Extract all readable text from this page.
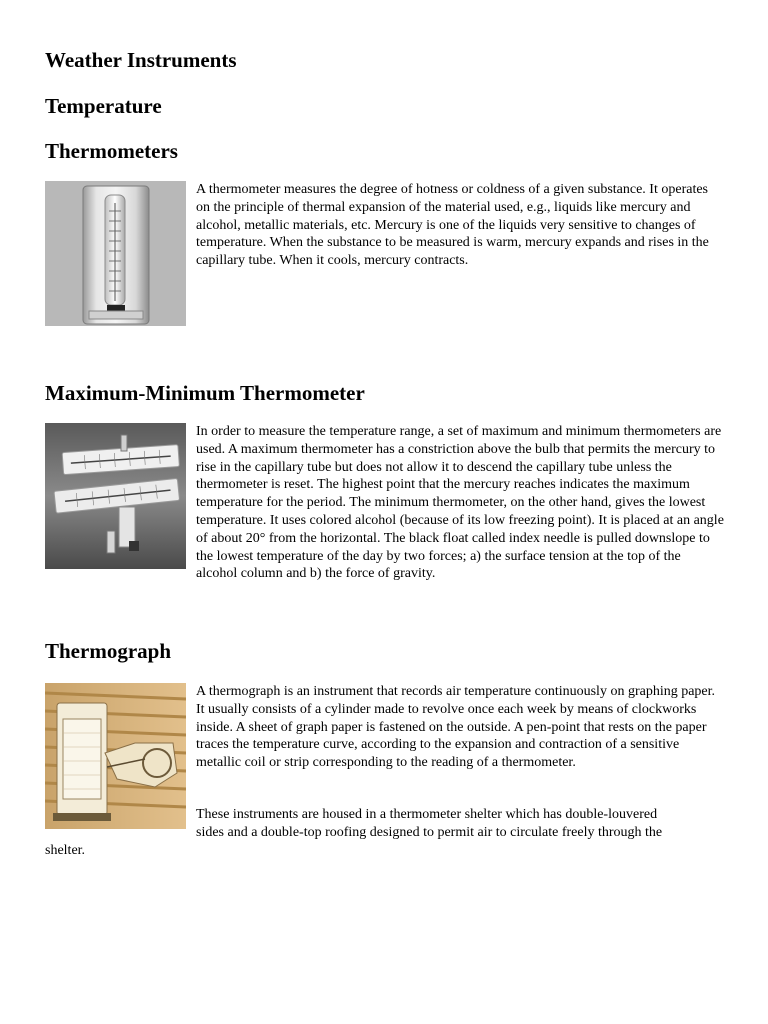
Weather Instruments
Temperature
Thermometers
A thermometer measures the degree of hotness or coldness of a given substance. It operates on the principle of thermal expansion of the material used, e.g., liquids like mercury and alcohol, metallic materials, etc. Mercury is one of the liquids very sensitive to changes of temperature. When the substance to be measured is warm, mercury expands and rises in the capillary tube. When it cools, mercury contracts.
Maximum-Minimum Thermometer
In order to measure the temperature range, a set of maximum and minimum thermometers are used. A maximum thermometer has a constriction above the bulb that permits the mercury to rise in the capillary tube but does not allow it to descend the capillary tube unless the thermometer is reset. The highest point that the mercury reaches indicates the maximum temperature for the period. The minimum thermometer, on the other hand, gives the lowest temperature. It uses colored alcohol (because of its low freezing point). It is placed at an angle of about 20° from the horizontal. The black float called index needle is pulled downslope to the lowest temperature of the day by two forces; a) the surface tension at the top of the alcohol column and b) the force of gravity.
Thermograph
A thermograph is an instrument that records air temperature continuously on graphing paper. It usually consists of a cylinder made to revolve once each week by means of clockworks inside. A sheet of graph paper is fastened on the outside. A pen-point that rests on the paper traces the temperature curve, according to the expansion and contraction of a sensitive metallic coil or strip corresponding to the reading of a thermometer.
These instruments are housed in a thermometer shelter which has double-louvered
sides and a double-top roofing designed to permit air to circulate freely through the
shelter.
